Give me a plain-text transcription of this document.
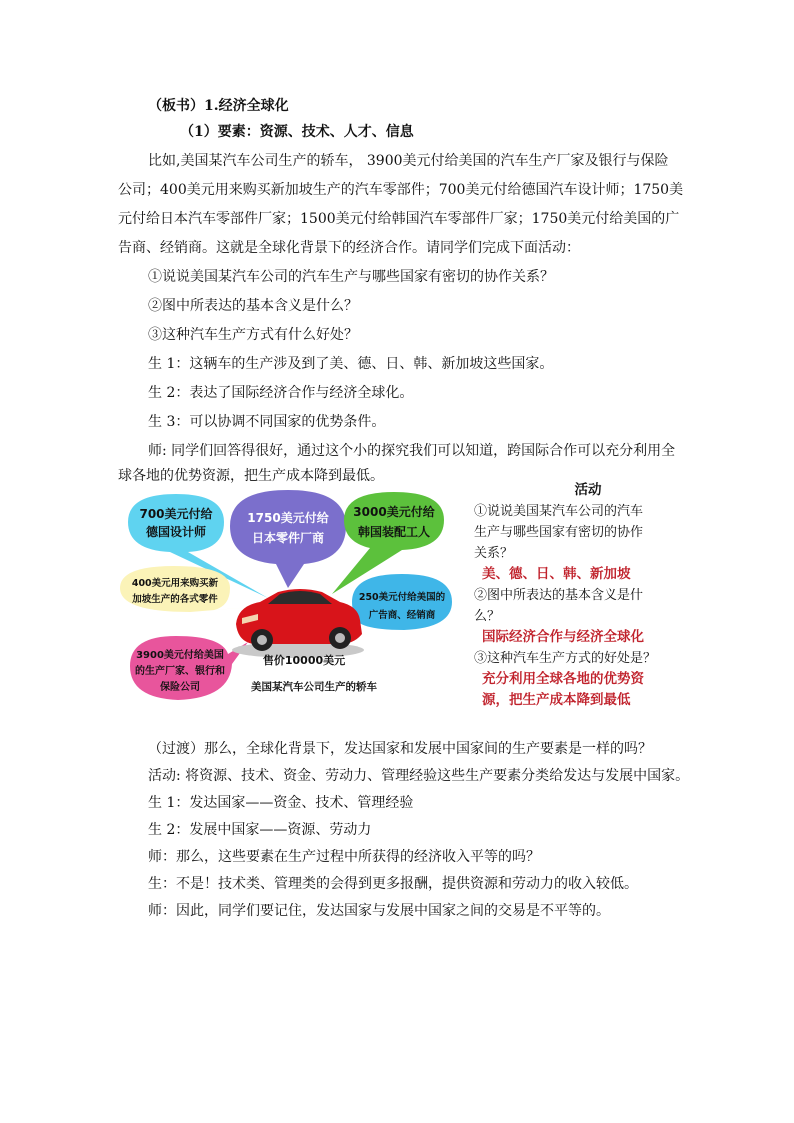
（板书）1.经济全球化
（1）要素：资源、技术、人才、信息
比如,美国某汽车公司生产的轿车， 3900美元付给美国的汽车生产厂家及银行与保险
公司；400美元用来购买新加坡生产的汽车零部件；700美元付给德国汽车设计师；1750美
元付给日本汽车零部件厂家；1500美元付给韩国汽车零部件厂家；1750美元付给美国的广
告商、经销商。这就是全球化背景下的经济合作。请同学们完成下面活动：
①说说美国某汽车公司的汽车生产与哪些国家有密切的协作关系？
②图中所表达的基本含义是什么？
③这种汽车生产方式有什么好处？
生 1：这辆车的生产涉及到了美、德、日、韩、新加坡这些国家。
生 2：表达了国际经济合作与经济全球化。
生 3：可以协调不同国家的优势条件。
师: 同学们回答得很好，通过这个小的探究我们可以知道，跨国际合作可以充分利用全
球各地的优势资源，把生产成本降到最低。
700美元付给
德国设计师
1750美元付给
日本零件厂商
3000美元付给
韩国装配工人
400美元用来购买新
加坡生产的各式零件	250美元付给美国的
广告商、经销商
3900美元付给美国
的生产厂家、银行和
保险公司
售价10000美元
美国某汽车公司生产的轿车
活动
①说说美国某汽车公司的汽车
生产与哪些国家有密切的协作
关系？
美、德、日、韩、新加坡
②图中所表达的基本含义是什
么？
国际经济合作与经济全球化
③这种汽车生产方式的好处是？
充分利用全球各地的优势资
源，把生产成本降到最低
（过渡）那么，全球化背景下，发达国家和发展中国家间的生产要素是一样的吗？
活动: 将资源、技术、资金、劳动力、管理经验这些生产要素分类给发达与发展中国家。
生 1：发达国家——资金、技术、管理经验
生 2：发展中国家——资源、劳动力
师：那么，这些要素在生产过程中所获得的经济收入平等的吗？
生：不是！技术类、管理类的会得到更多报酬，提供资源和劳动力的收入较低。
师：因此，同学们要记住，发达国家与发展中国家之间的交易是不平等的。
